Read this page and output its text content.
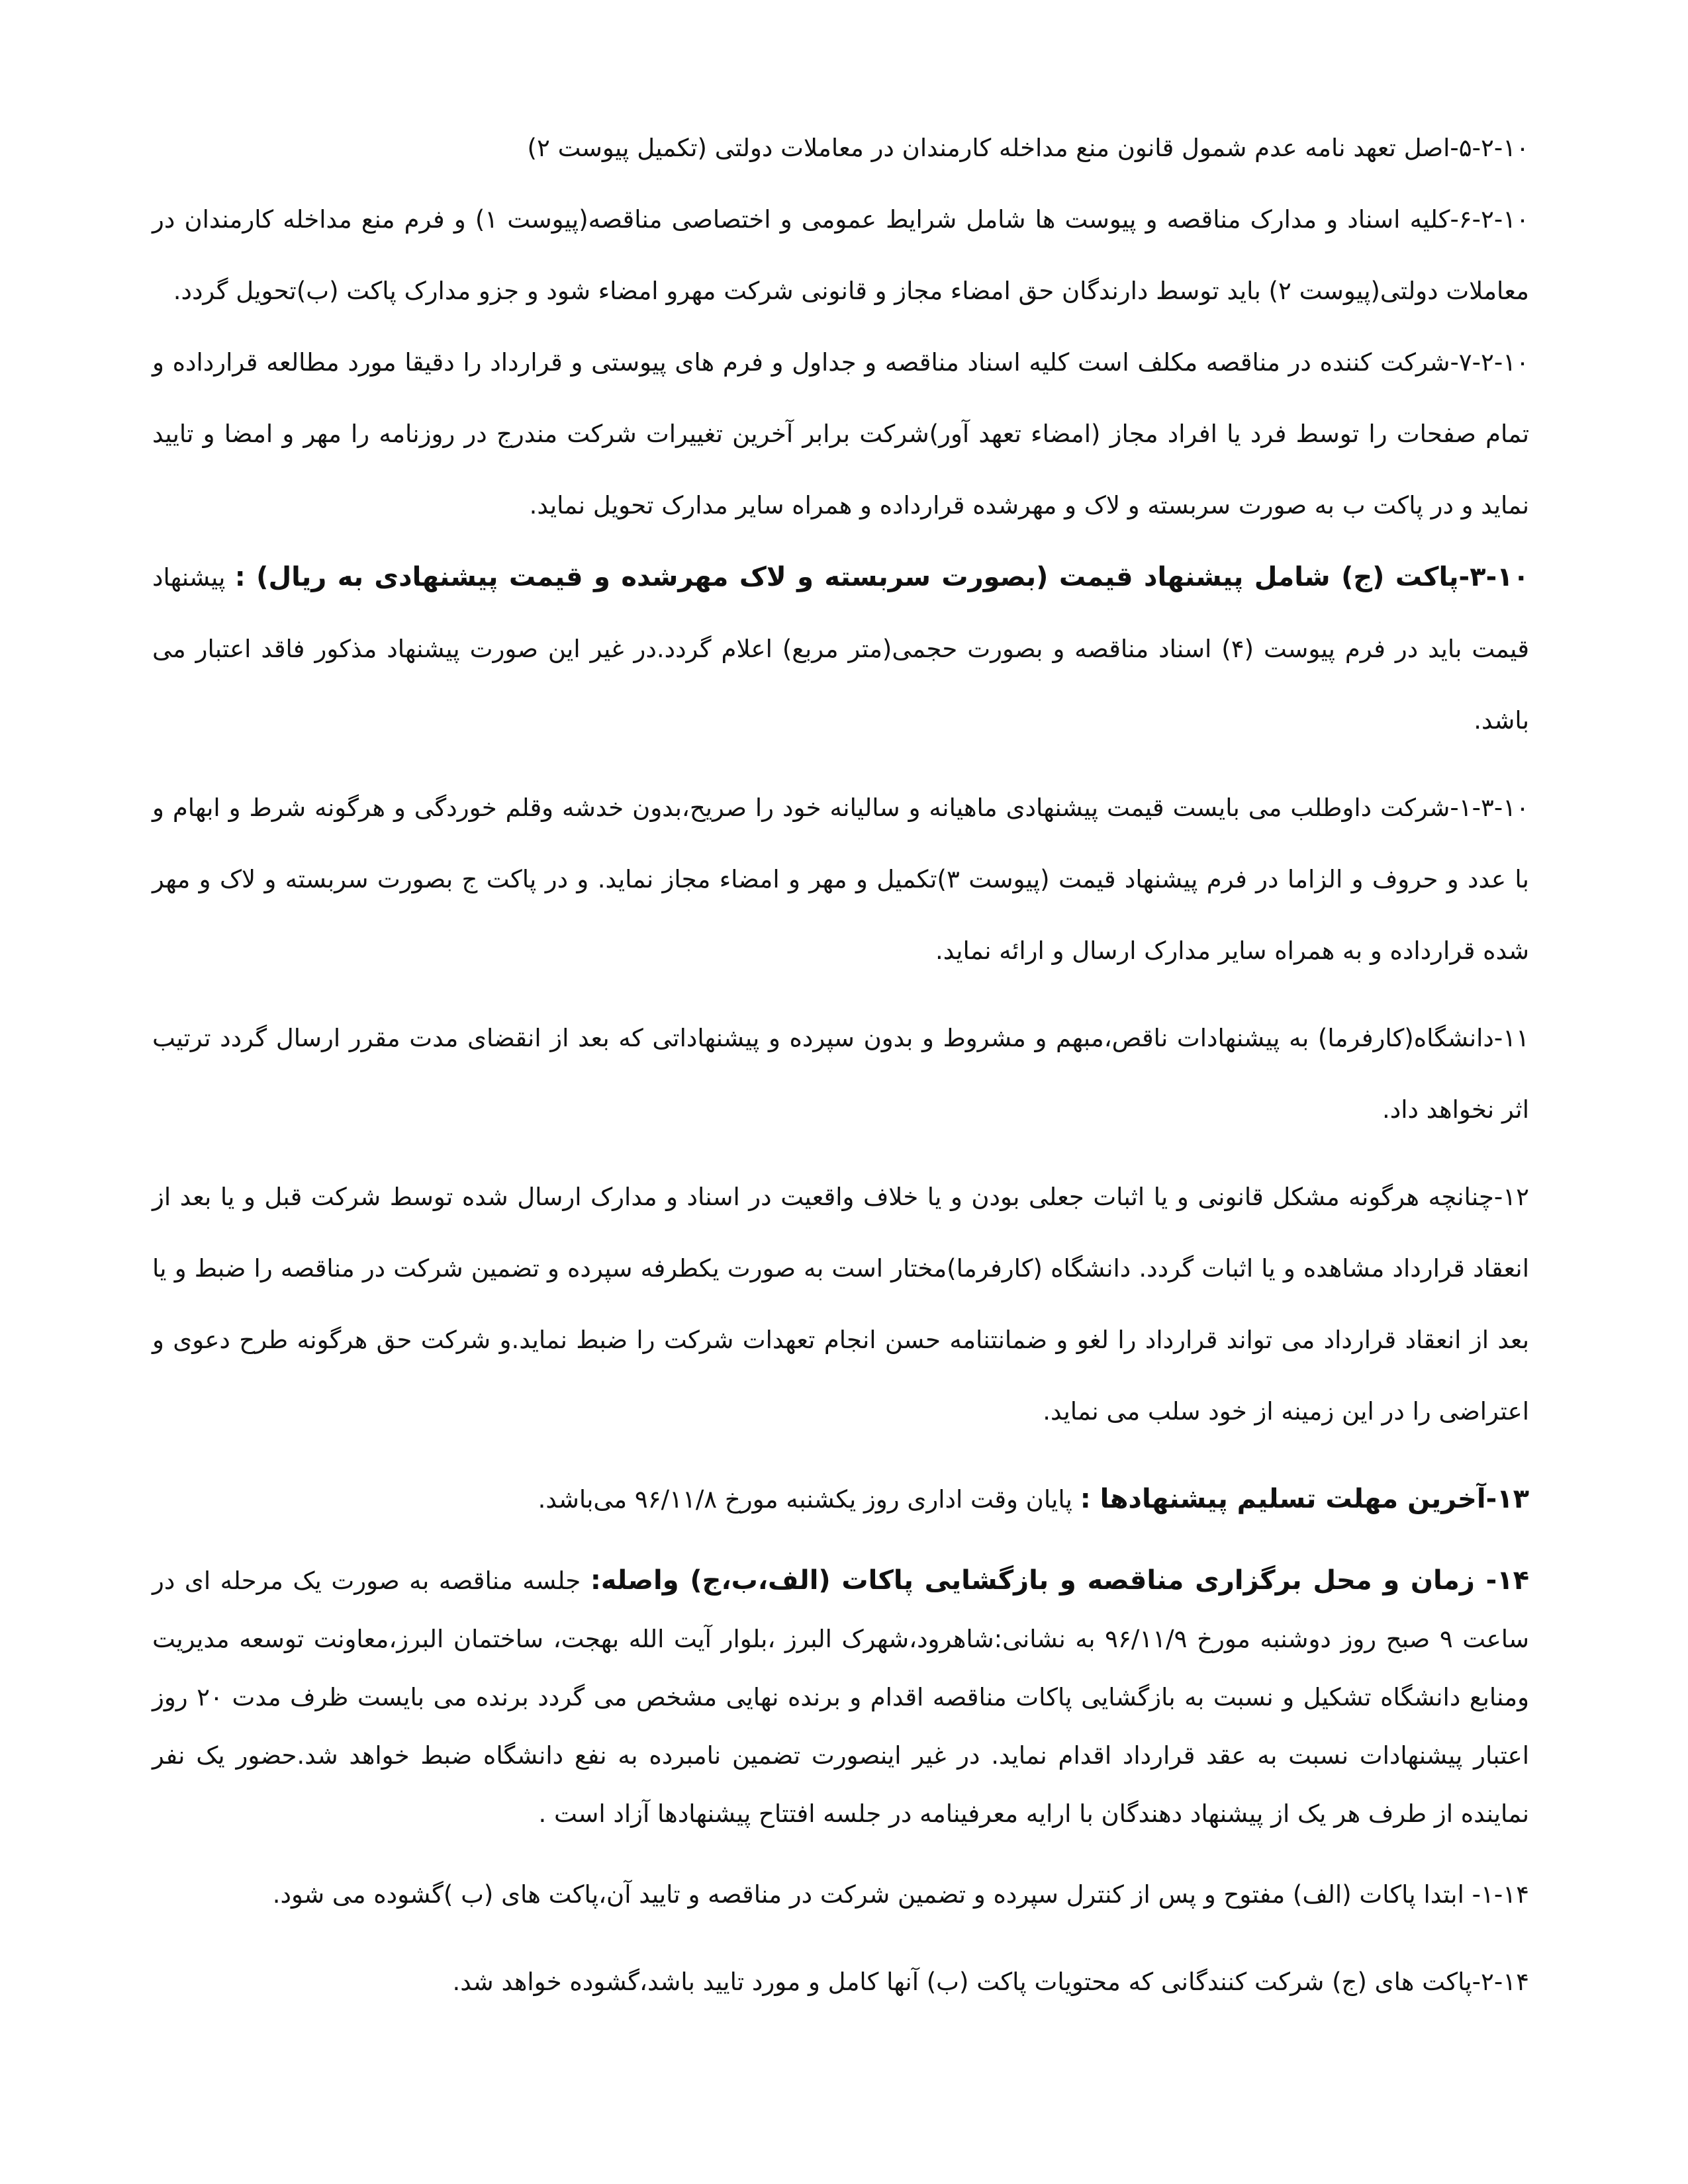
۵-۲-۱۰-اصل تعهد نامه عدم شمول قانون منع مداخله کارمندان در معاملات دولتی (تکمیل پیوست ۲)

۶-۲-۱۰-کلیه اسناد و مدارک مناقصه و پیوست ها شامل شرایط عمومی و اختصاصی مناقصه(پیوست ۱) و فرم منع مداخله کارمندان در معاملات دولتی(پیوست ۲) باید توسط دارندگان حق امضاء مجاز و قانونی شرکت مهرو امضاء شود و جزو مدارک پاکت (ب)تحویل گردد.

۷-۲-۱۰-شرکت کننده در مناقصه مکلف است کلیه اسناد مناقصه و جداول و فرم های پیوستی و قرارداد را دقیقا مورد مطالعه قرارداده و تمام صفحات را توسط فرد یا افراد مجاز (امضاء تعهد آور)شرکت برابر آخرین تغییرات شرکت مندرج در روزنامه را مهر و امضا و تایید نماید و در پاکت ب به صورت سربسته و لاک و مهرشده قرارداده و همراه سایر مدارک تحویل نماید.

۳-۱۰-پاکت (ج) شامل پیشنهاد قیمت (بصورت سربسته و لاک مهرشده و قیمت پیشنهادی به ریال) : پیشنهاد قیمت باید در فرم پیوست (۴) اسناد مناقصه و بصورت حجمی(متر مربع) اعلام گردد.در غیر این صورت پیشنهاد مذکور فاقد اعتبار می باشد.

۱-۳-۱۰-شرکت داوطلب می بایست قیمت پیشنهادی ماهیانه و سالیانه خود را صریح،بدون خدشه وقلم خوردگی و هرگونه شرط و ابهام و با عدد و حروف و الزاما در فرم پیشنهاد قیمت (پیوست ۳)تکمیل و مهر و امضاء مجاز نماید. و در پاکت ج بصورت سربسته و لاک و مهر شده قرارداده و به همراه سایر مدارک ارسال و ارائه نماید.

۱۱-دانشگاه(کارفرما) به پیشنهادات ناقص،مبهم و مشروط و بدون سپرده و پیشنهاداتی که بعد از انقضای مدت مقرر ارسال گردد ترتیب اثر نخواهد داد.

۱۲-چنانچه هرگونه مشکل قانونی و یا اثبات جعلی بودن و یا خلاف واقعیت در اسناد و مدارک ارسال شده توسط شرکت قبل و یا بعد از انعقاد قرارداد مشاهده و یا اثبات گردد. دانشگاه (کارفرما)مختار است به صورت یکطرفه سپرده و تضمین شرکت در مناقصه را ضبط و یا بعد از انعقاد قرارداد می تواند قرارداد را لغو و ضمانتنامه حسن انجام تعهدات شرکت را ضبط نماید.و شرکت حق هرگونه طرح دعوی و اعتراضی را در این زمینه از خود سلب می نماید.

۱۳-آخرین مهلت تسلیم پیشنهادها : پایان وقت اداری روز یکشنبه مورخ ۹۶/۱۱/۸ می‌باشد.

۱۴- زمان و محل برگزاری مناقصه و بازگشایی پاکات (الف،ب،ج) واصله: جلسه مناقصه به صورت یک مرحله ای در ساعت ۹ صبح روز دوشنبه مورخ ۹۶/۱۱/۹ به نشانی:شاهرود،شهرک البرز ،بلوار آیت الله بهجت، ساختمان البرز،معاونت توسعه مدیریت ومنابع دانشگاه تشکیل و نسبت به بازگشایی پاکات مناقصه اقدام و برنده نهایی مشخص می گردد برنده می بایست ظرف مدت ۲۰ روز اعتبار پیشنهادات نسبت به عقد قرارداد اقدام نماید. در غیر اینصورت تضمین نامبرده به نفع دانشگاه ضبط خواهد شد.حضور یک نفر نماینده از طرف هر یک از پیشنهاد دهندگان با ارایه معرفینامه در جلسه افتتاح پیشنهادها آزاد است .

۱-۱۴- ابتدا پاکات (الف) مفتوح و پس از کنترل سپرده و تضمین شرکت در مناقصه و تایید آن،پاکت های (ب )گشوده می شود.

۲-۱۴-پاکت های (ج) شرکت کنندگانی که محتویات پاکت (ب) آنها کامل و مورد تایید باشد،گشوده خواهد شد.
